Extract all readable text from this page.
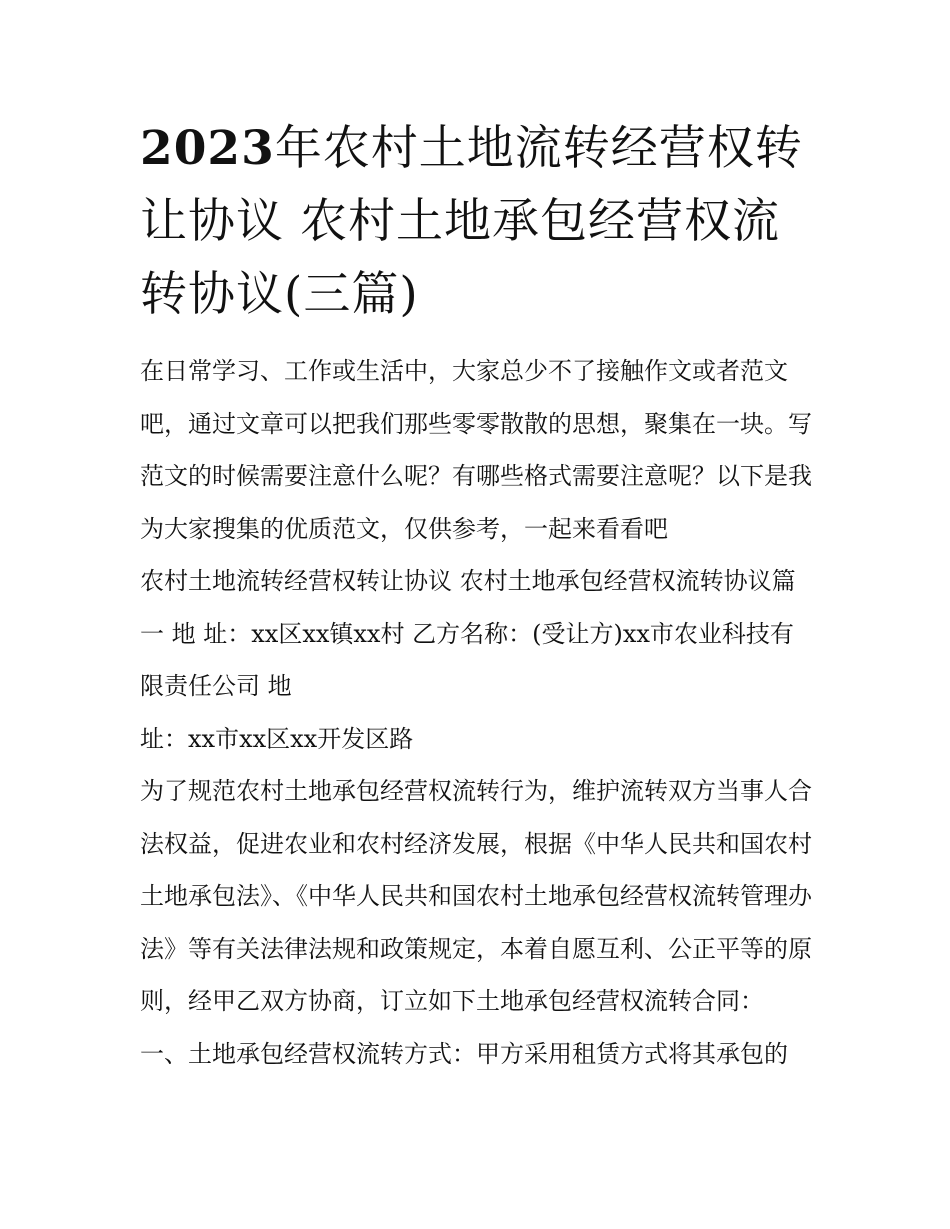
2023年农村土地流转经营权转让协议 农村土地承包经营权流转协议(三篇)

在日常学习、工作或生活中，大家总少不了接触作文或者范文吧，通过文章可以把我们那些零零散散的思想，聚集在一块。写范文的时候需要注意什么呢？有哪些格式需要注意呢？以下是我为大家搜集的优质范文，仅供参考，一起来看看吧

农村土地流转经营权转让协议 农村土地承包经营权流转协议篇一 地 址：xx区xx镇xx村 乙方名称：(受让方)xx市农业科技有限责任公司 地

址：xx市xx区xx开发区路

为了规范农村土地承包经营权流转行为，维护流转双方当事人合法权益，促进农业和农村经济发展，根据《中华人民共和国农村土地承包法》、《中华人民共和国农村土地承包经营权流转管理办法》等有关法律法规和政策规定，本着自愿互利、公正平等的原则，经甲乙双方协商，订立如下土地承包经营权流转合同：

一、土地承包经营权流转方式：甲方采用租赁方式将其承包的
